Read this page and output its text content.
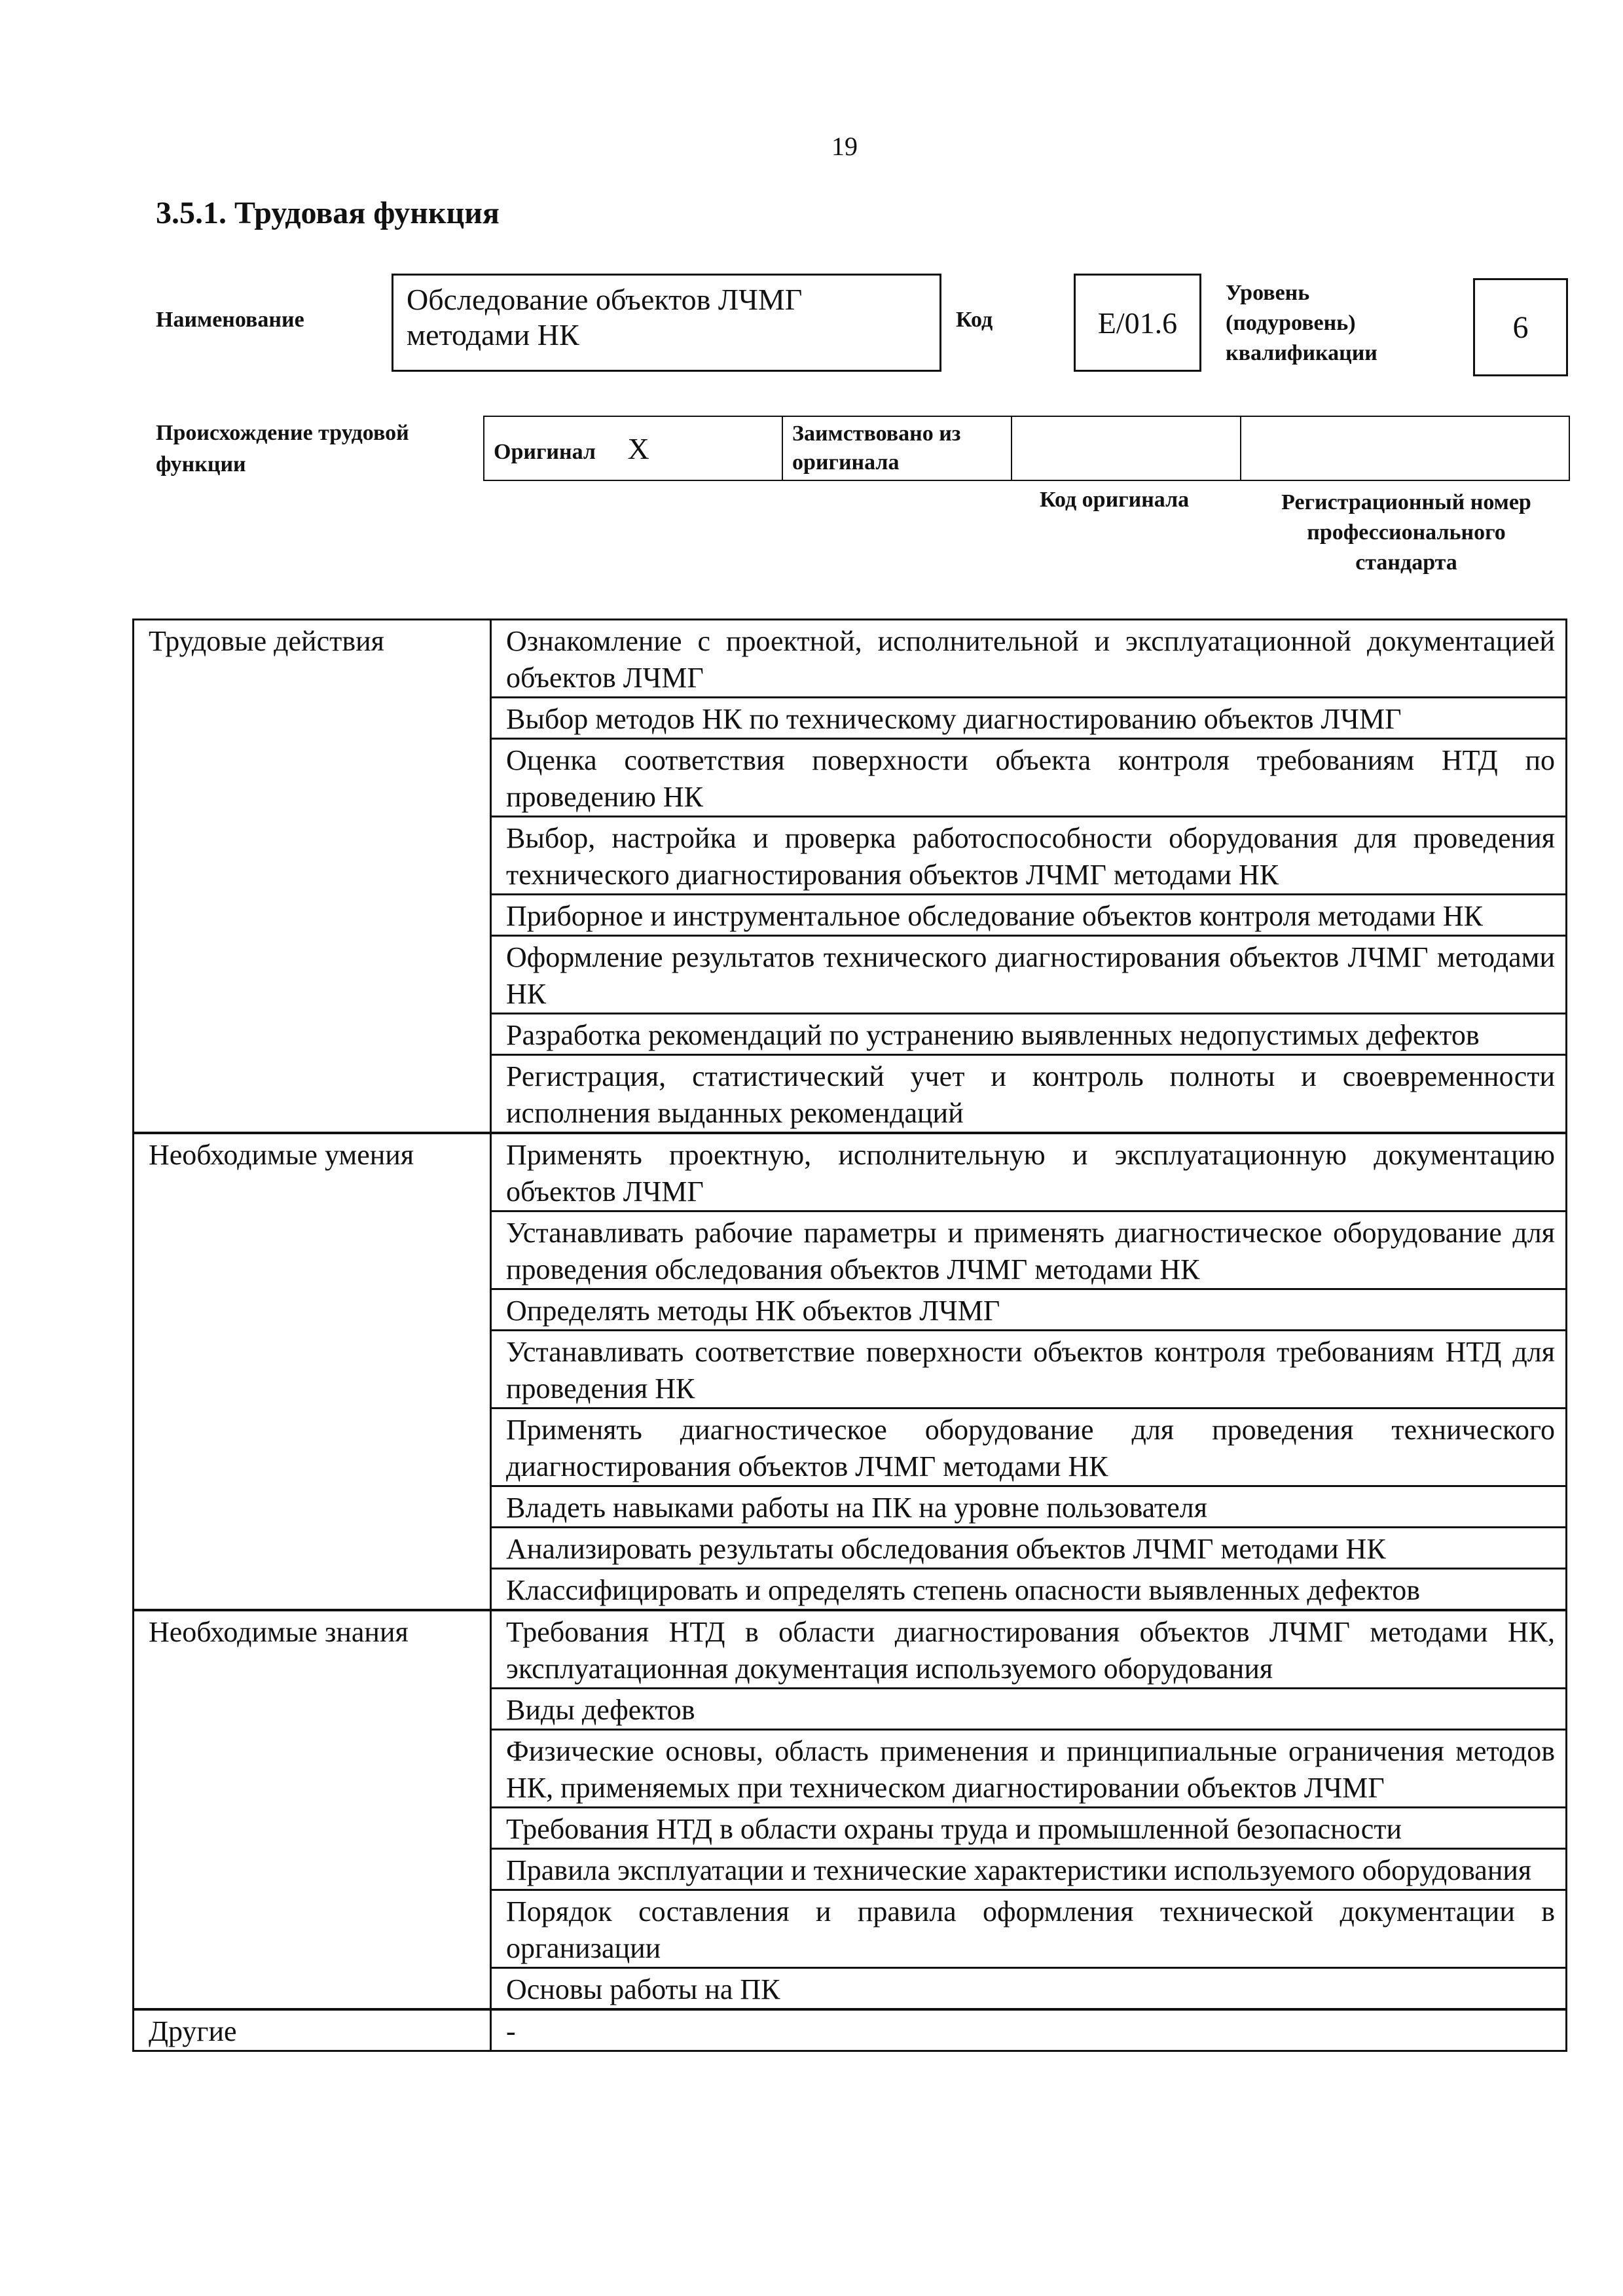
19
3.5.1. Трудовая функция
Наименование
Обследование объектов ЛЧМГ методами НК	Код	E/01.6
Уровень
(подуровень)
квалификации
6
Происхождение трудовой
функции
Оригинал X	Заимствовано из
оригинала

Код оригинала	Регистрационный номер
профессионального
стандарта
Трудовые действия	Ознакомление с проектной, исполнительной и эксплуатационной документацией объектов ЛЧМГ
	Выбор методов НК по техническому диагностированию объектов ЛЧМГ
	Оценка соответствия поверхности объекта контроля требованиям НТД по проведению НК
	Выбор, настройка и проверка работоспособности оборудования для проведения технического диагностирования объектов ЛЧМГ методами НК
	Приборное и инструментальное обследование объектов контроля методами НК
	Оформление результатов технического диагностирования объектов ЛЧМГ методами НК
	Разработка рекомендаций по устранению выявленных недопустимых дефектов
	Регистрация, статистический учет и контроль полноты и своевременности исполнения выданных рекомендаций
Необходимые умения	Применять проектную, исполнительную и эксплуатационную документацию объектов ЛЧМГ
	Устанавливать рабочие параметры и применять диагностическое оборудование для проведения обследования объектов ЛЧМГ методами НК
	Определять методы НК объектов ЛЧМГ
	Устанавливать соответствие поверхности объектов контроля требованиям НТД для проведения НК
	Применять диагностическое оборудование для проведения технического диагностирования объектов ЛЧМГ методами НК
	Владеть навыками работы на ПК на уровне пользователя
	Анализировать результаты обследования объектов ЛЧМГ методами НК
	Классифицировать и определять степень опасности выявленных дефектов
Необходимые знания	Требования НТД в области диагностирования объектов ЛЧМГ методами НК, эксплуатационная документация используемого оборудования
	Виды дефектов
	Физические основы, область применения и принципиальные ограничения методов НК, применяемых при техническом диагностировании объектов ЛЧМГ
	Требования НТД в области охраны труда и промышленной безопасности
	Правила эксплуатации и технические характеристики используемого оборудования
	Порядок составления и правила оформления технической документации в организации
	Основы работы на ПК
Другие	-
